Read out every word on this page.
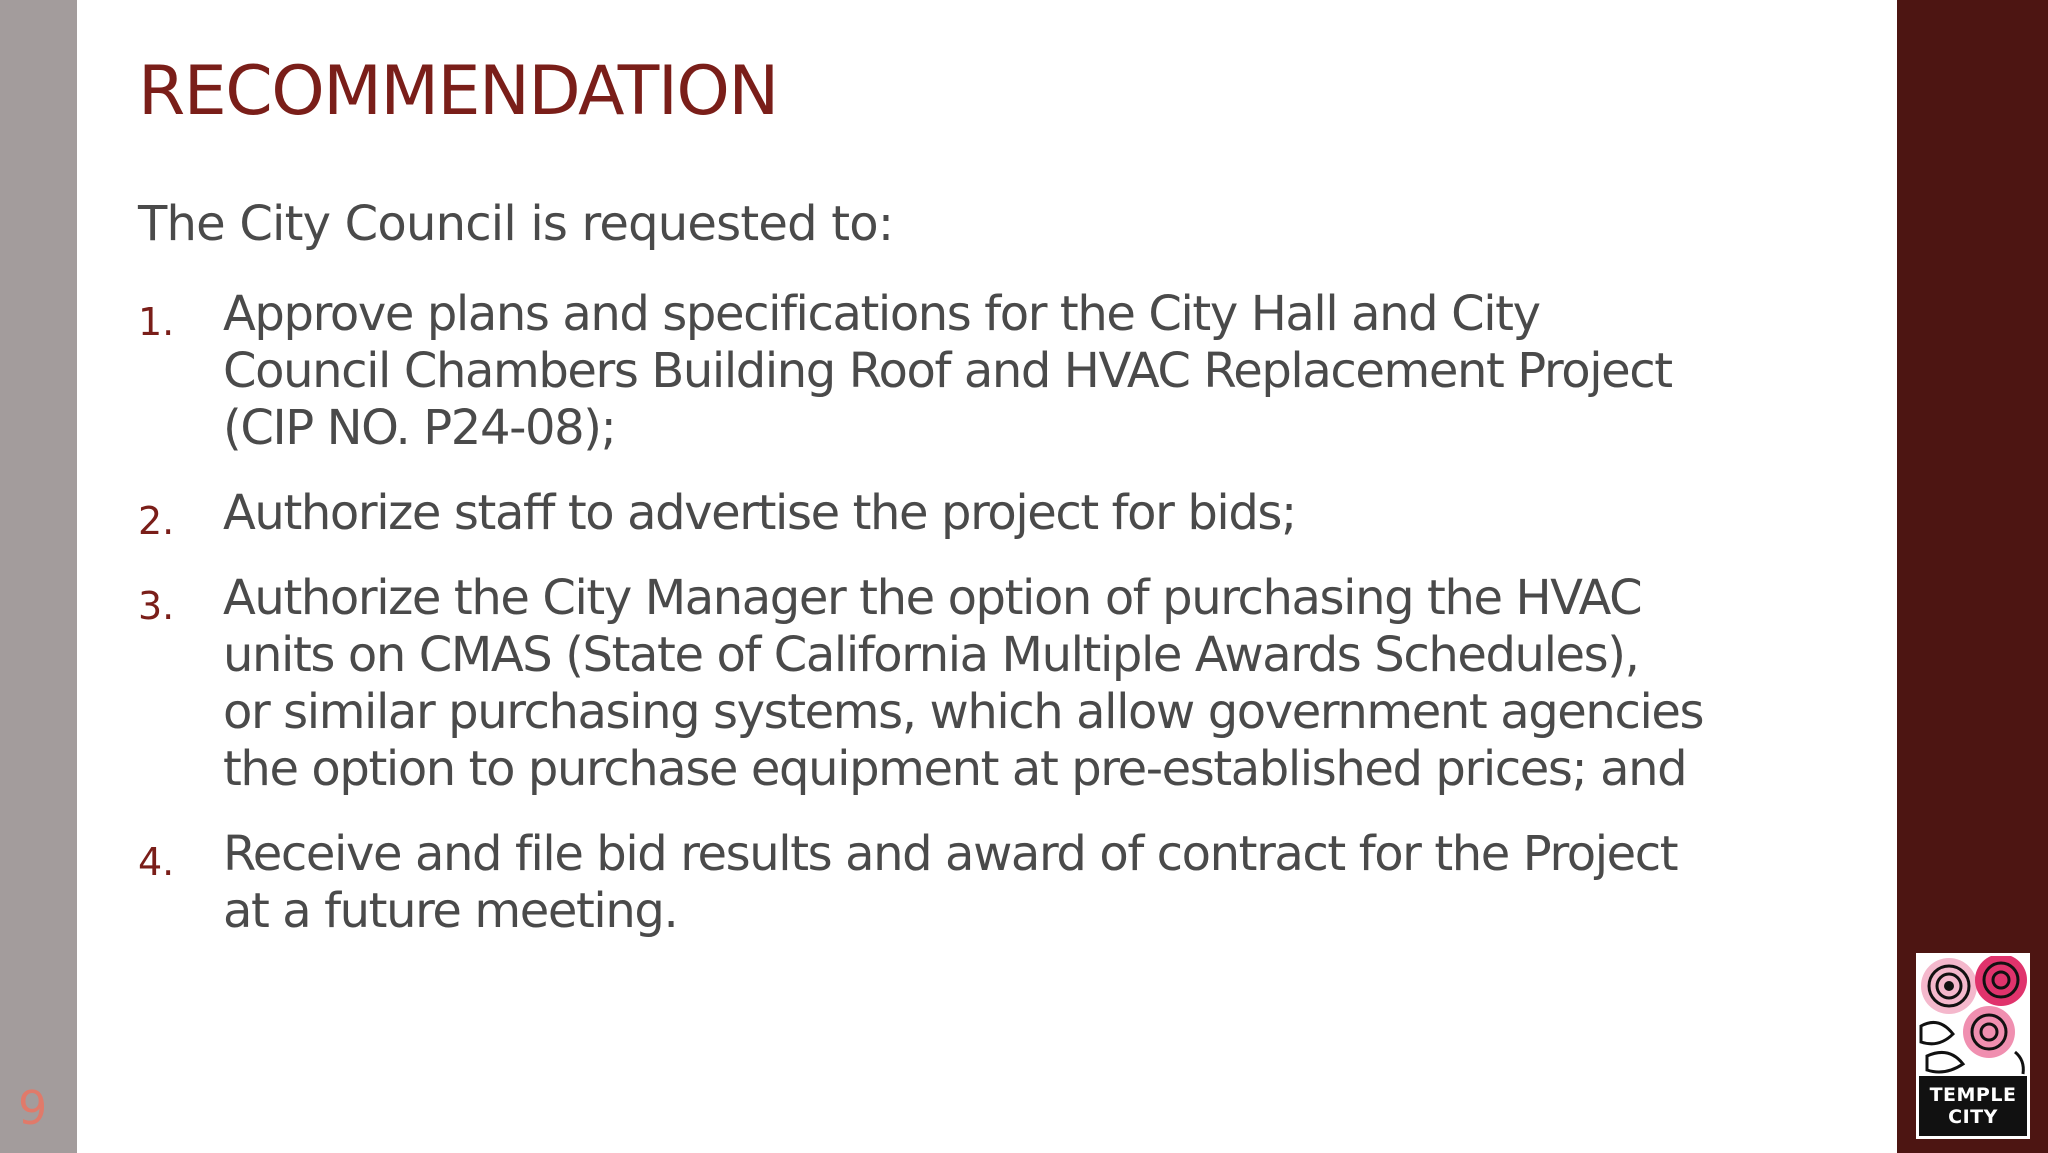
9
RECOMMENDATION

The City Council is requested to:

1. Approve plans and specifications for the City Hall and City
Council Chambers Building Roof and HVAC Replacement Project
(CIP NO. P24-08);
2. Authorize staff to advertise the project for bids;
3. Authorize the City Manager the option of purchasing the HVAC
units on CMAS (State of California Multiple Awards Schedules),
or similar purchasing systems, which allow government agencies
the option to purchase equipment at pre-established prices; and
4. Receive and file bid results and award of contract for the Project
at a future meeting.
TEMPLE
CITY
